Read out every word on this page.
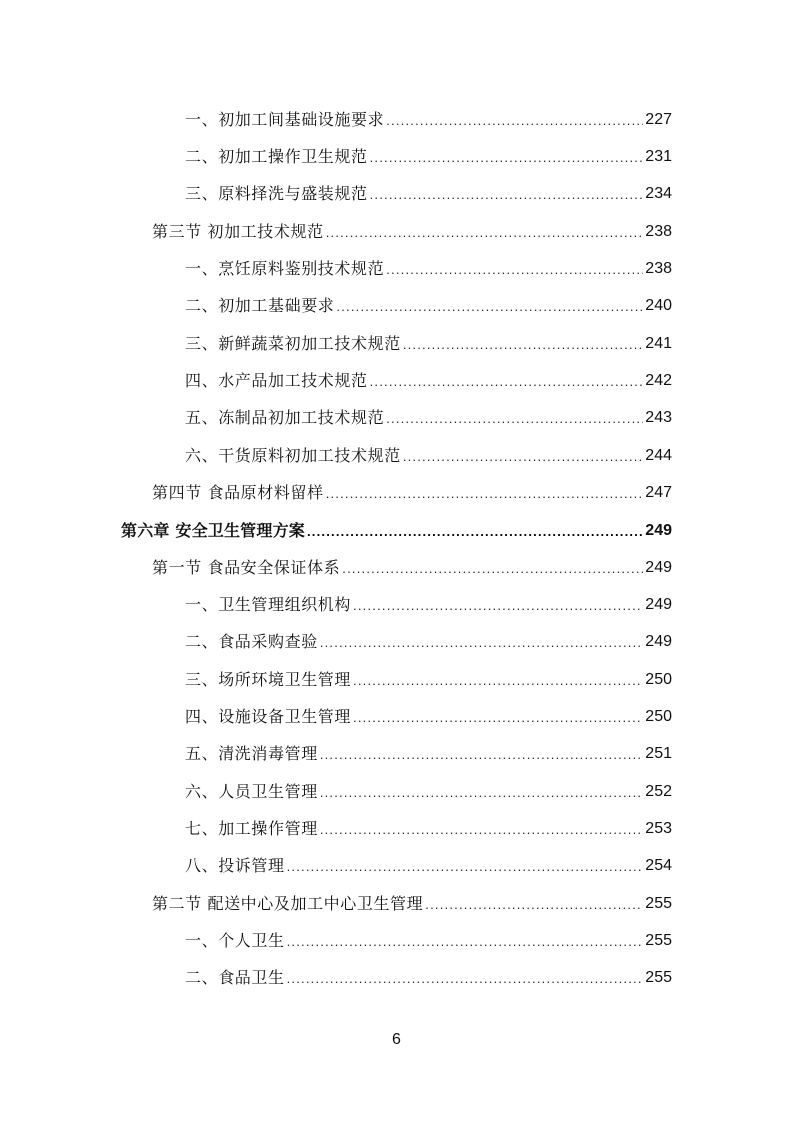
一、初加工间基础设施要求 .....	227
二、初加工操作卫生规范 .....	231
三、原料择洗与盛装规范 .....	234
第三节 初加工技术规范 .....	238
一、烹饪原料鉴别技术规范 .....	238
二、初加工基础要求 .....	240
三、新鲜蔬菜初加工技术规范 .....	241
四、水产品加工技术规范 .....	242
五、冻制品初加工技术规范 .....	243
六、干货原料初加工技术规范 .....	244
第四节 食品原材料留样 .....	247
第六章 安全卫生管理方案 .....	249
第一节 食品安全保证体系 .....	249
一、卫生管理组织机构 .....	249
二、食品采购查验 .....	249
三、场所环境卫生管理 .....	250
四、设施设备卫生管理 .....	250
五、清洗消毒管理 .....	251
六、人员卫生管理 .....	252
七、加工操作管理 .....	253
八、投诉管理 .....	254
第二节 配送中心及加工中心卫生管理 .....	255
一、个人卫生 .....	255
二、食品卫生 .....	255
6
